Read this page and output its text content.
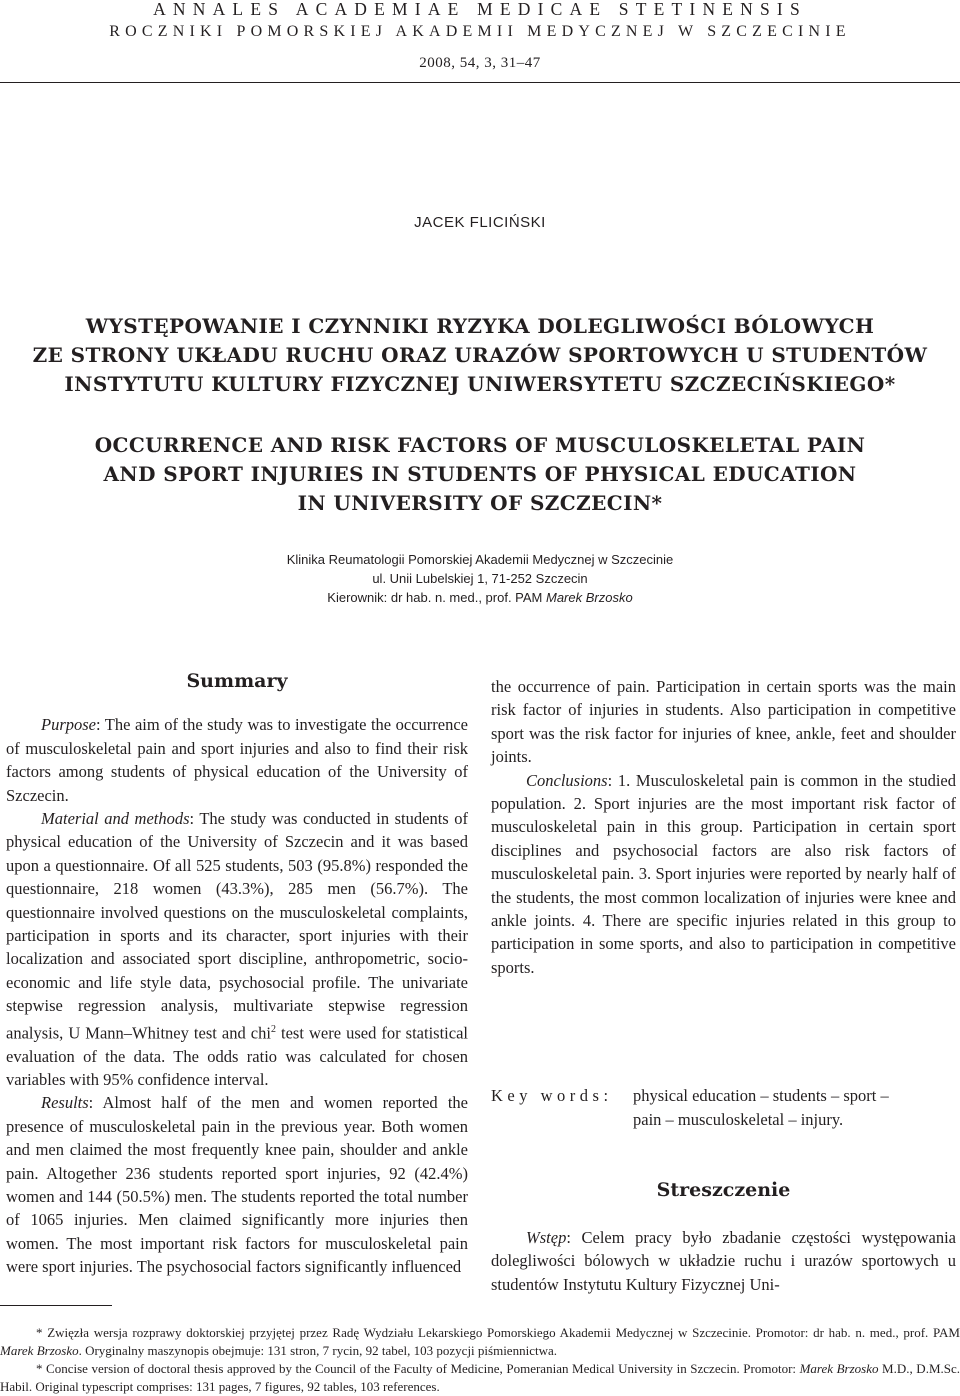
ANNALES ACADEMIAE MEDICAE STETINENSIS
ROCZNIKI POMORSKIEJ AKADEMII MEDYCZNEJ W SZCZECINIE
2008, 54, 3, 31–47
JACEK FLICIŃSKI
WYSTĘPOWANIE I CZYNNIKI RYZYKA DOLEGLIWOŚCI BÓLOWYCH
ZE STRONY UKŁADU RUCHU ORAZ URAZÓW SPORTOWYCH U STUDENTÓW
INSTYTUTU KULTURY FIZYCZNEJ UNIWERSYTETU SZCZECIŃSKIEGO*
OCCURRENCE AND RISK FACTORS OF MUSCULOSKELETAL PAIN
AND SPORT INJURIES IN STUDENTS OF PHYSICAL EDUCATION
IN UNIVERSITY OF SZCZECIN*
Klinika Reumatologii Pomorskiej Akademii Medycznej w Szczecinie
ul. Unii Lubelskiej 1, 71-252 Szczecin
Kierownik: dr hab. n. med., prof. PAM Marek Brzosko
Summary

Purpose: The aim of the study was to investigate the occurrence of musculoskeletal pain and sport injuries and also to find their risk factors among students of physical education of the University of Szczecin.

Material and methods: The study was conducted in students of physical education of the University of Szczecin and it was based upon a questionnaire. Of all 525 students, 503 (95.8%) responded the questionnaire, 218 women (43.3%), 285 men (56.7%). The questionnaire involved questions on the musculoskeletal complaints, participation in sports and its character, sport injuries with their localization and associated sport discipline, anthropometric, socio-economic and life style data, psychosocial profile. The univariate stepwise regression analysis, multivariate stepwise regression analysis, U Mann–Whitney test and chi$^2$ test were used for statistical evaluation of the data. The odds ratio was calculated for chosen variables with 95% confidence interval.

Results: Almost half of the men and women reported the presence of musculoskeletal pain in the previous year. Both women and men claimed the most frequently knee pain, shoulder and ankle pain. Altogether 236 students reported sport injuries, 92 (42.4%) women and 144 (50.5%) men. The students reported the total number of 1065 injuries. Men claimed significantly more injuries then women. The most important risk factors for musculoskeletal pain were sport injuries. The psychosocial factors significantly influenced

the occurrence of pain. Participation in certain sports was the main risk factor of injuries in students. Also participation in competitive sport was the risk factor for injuries of knee, ankle, feet and shoulder joints.

Conclusions: 1. Musculoskeletal pain is common in the studied population. 2. Sport injuries are the most important risk factor of musculoskeletal pain in this group. Participation in certain sport disciplines and psychosocial factors are also risk factors of musculoskeletal pain. 3. Sport injuries were reported by nearly half of the students, the most common localization of injuries were knee and ankle joints. 4. There are specific injuries related in this group to participation in some sports, and also to participation in competitive sports.

Key words:	physical education – students – sport –
pain – musculoskeletal – injury.
Streszczenie

Wstęp: Celem pracy było zbadanie częstości występowania dolegliwości bólowych w układzie ruchu i urazów sportowych u studentów Instytutu Kultury Fizycznej Uni-

* Zwięzła wersja rozprawy doktorskiej przyjętej przez Radę Wydziału Lekarskiego Pomorskiego Akademii Medycznej w Szczecinie. Promotor: dr hab. n. med., prof. PAM Marek Brzosko. Oryginalny maszynopis obejmuje: 131 stron, 7 rycin, 92 tabel, 103 pozycji piśmiennictwa.

* Concise version of doctoral thesis approved by the Council of the Faculty of Medicine, Pomeranian Medical University in Szczecin. Promotor: Marek Brzosko M.D., D.M.Sc. Habil. Original typescript comprises: 131 pages, 7 figures, 92 tables, 103 references.
